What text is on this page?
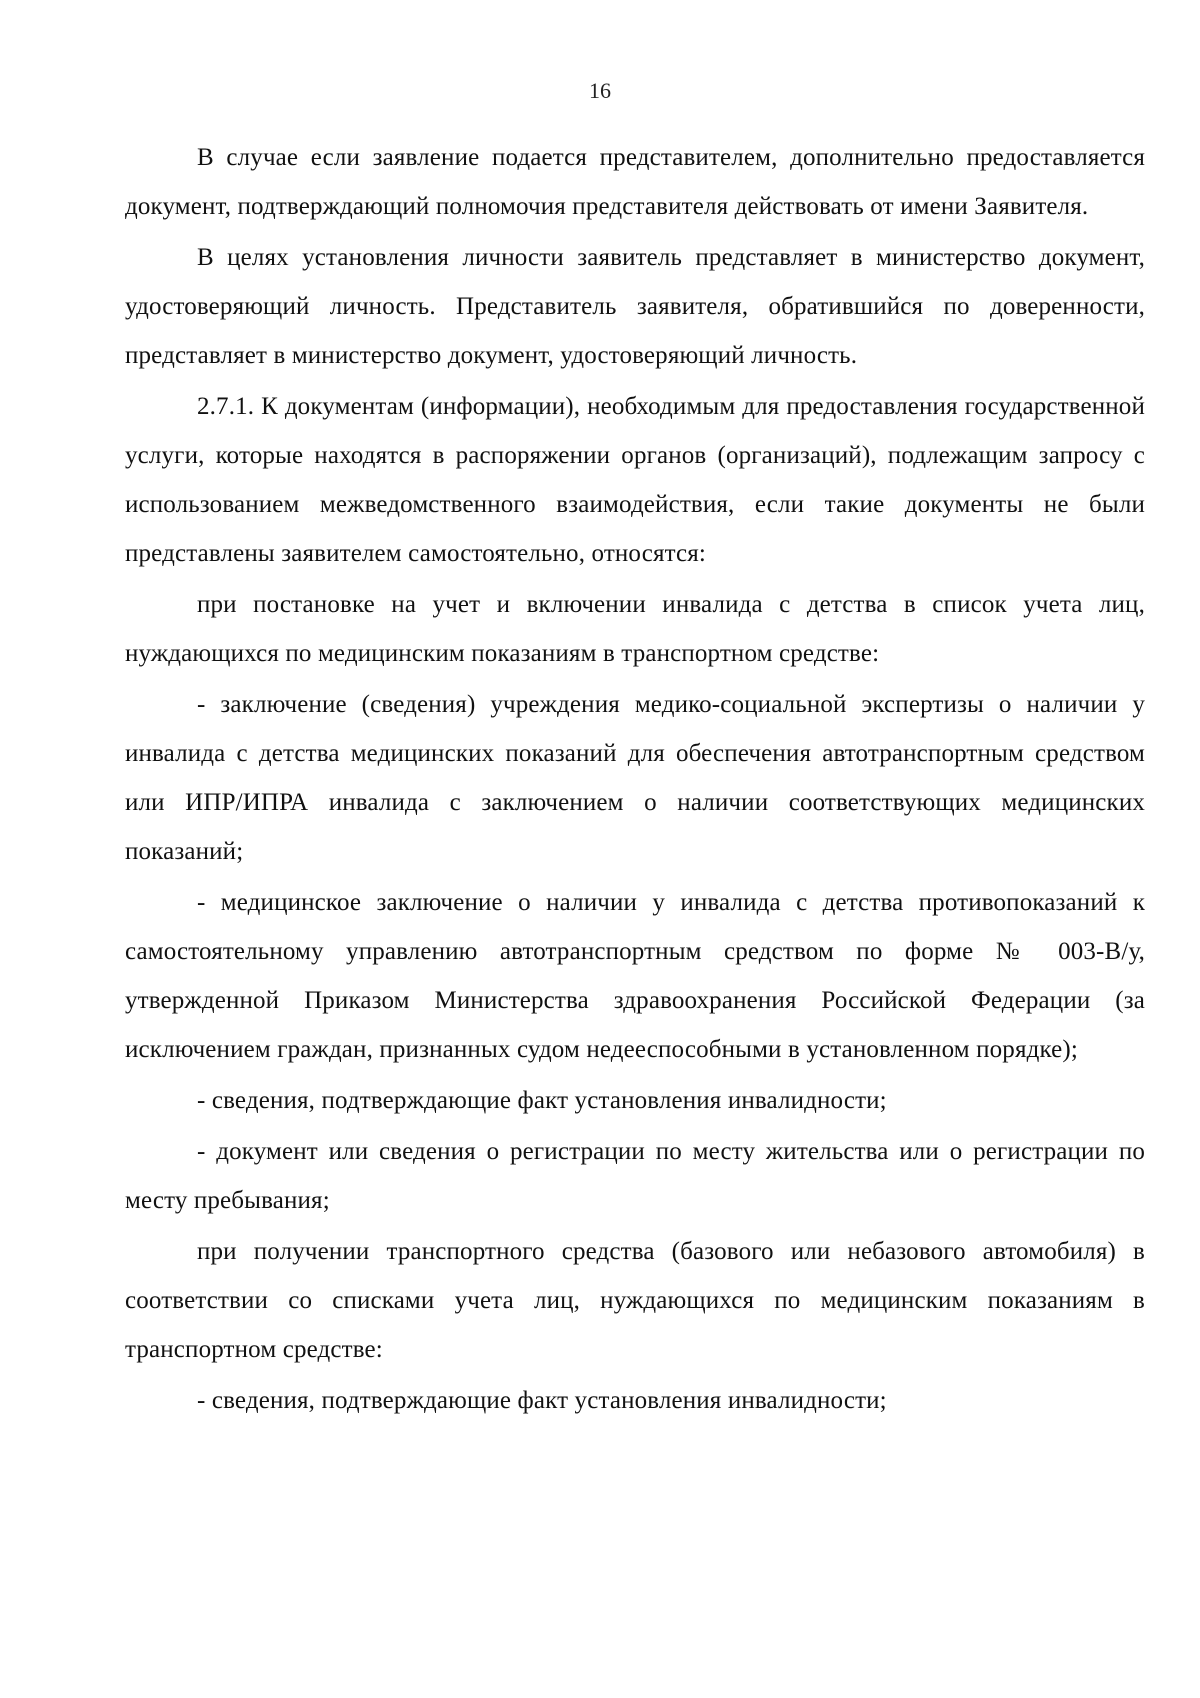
16

В случае если заявление подается представителем, дополнительно предоставляется документ, подтверждающий полномочия представителя действовать от имени Заявителя.

В целях установления личности заявитель представляет в министерство документ, удостоверяющий личность. Представитель заявителя, обратившийся по доверенности, представляет в министерство документ, удостоверяющий личность.

2.7.1. К документам (информации), необходимым для предоставления государственной услуги, которые находятся в распоряжении органов (организаций), подлежащим запросу с использованием межведомственного взаимодействия, если такие документы не были представлены заявителем самостоятельно, относятся:

при постановке на учет и включении инвалида с детства в список учета лиц, нуждающихся по медицинским показаниям в транспортном средстве:

- заключение (сведения) учреждения медико-социальной экспертизы о наличии у инвалида с детства медицинских показаний для обеспечения автотранспортным средством или ИПР/ИПРА инвалида с заключением о наличии соответствующих медицинских показаний;

- медицинское заключение о наличии у инвалида с детства противопоказаний к самостоятельному управлению автотранспортным средством по форме № 003-В/у, утвержденной Приказом Министерства здравоохранения Российской Федерации (за исключением граждан, признанных судом недееспособными в установленном порядке);

- сведения, подтверждающие факт установления инвалидности;

- документ или сведения о регистрации по месту жительства или о регистрации по месту пребывания;

при получении транспортного средства (базового или небазового автомобиля) в соответствии со списками учета лиц, нуждающихся по медицинским показаниям в транспортном средстве:

- сведения, подтверждающие факт установления инвалидности;
